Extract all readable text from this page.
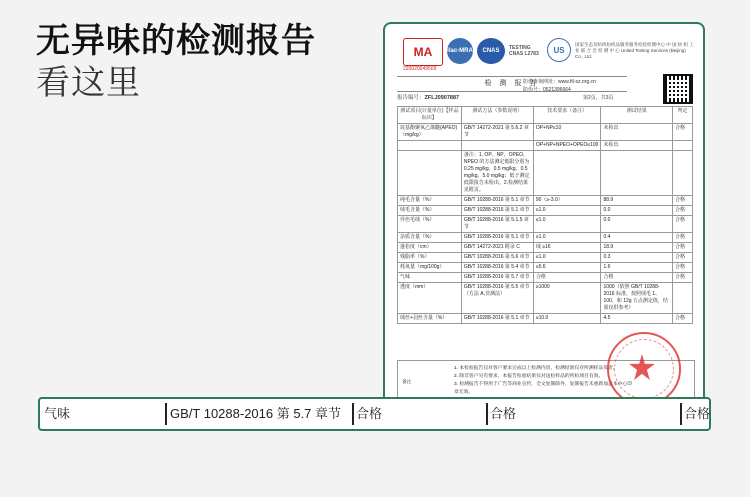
无异味的检测报告
看这里
MA
220020049509
ilac-MRA	CNAS	TESTING CNAS L2783	US
国家生态及纺织纺织品服务服务检验检测中心 中 国 纺 织 工 业 联 合 会 检 测 中 心 United Testing Services (Beijing) Co., Ltd.
检 测 报 告
报告编号：ZFLJ0907887
防伪查询网址：www.ftl-sz.org.cn
防伪号：0521396664
第2页，共3页
测试项目(计量单位)【样品标识】	测试方法（参数说明）	技术要求（备注）	测试结果	判定
烷基酚聚氧乙烯醚(APEO)（mg/kg）	GB/T 14272-2021 第 5.6.2 章节	OP+NP≤10	未检出	合格
		OP+NP+NPEO+OPEO≤100	未检出	
	备注：1. OP、NP、OPEO、NPEO 的方法测定低限分别为 0.25 mg/kg、0.5 mg/kg、0.5 mg/kg、5.0 mg/kg；低于测定低限报告未检出。2.检测结果见附页。			
纯毛含量（%）	GB/T 10288-2016 第 5.1 章节	90（≥-3.0）	88.9	合格
绒毛含量（%）	GB/T 10288-2016 第 5.1 章节	≤1.0	0.0	合格
异色毛绒（%）	GB/T 10288-2016 第 5.1.5 章节	≤1.0	0.0	合格
杂质含量（%）	GB/T 10288-2016 第 5.1 章节	≤1.0	0.4	合格
蓬松度（cm）	GB/T 14272-2021 附录 C	绒 ≥16	18.9	合格
残脂率（%）	GB/T 10288-2016 第 5.6 章节	≤1.0	0.3	合格
耗氧量（mg/100g）	GB/T 10288-2016 第 5.4 章节	≤5.6	1.6	合格
气味	GB/T 10288-2016 第 5.7 章节	合格	合格	合格
透度（mm）	GB/T 10288-2016 第 5.5 章节（方法 A,非测法）	≥1000	1000（依照 GB/T 10288-2016 标准，按照绒毛 1、100、和 12g 五点测定值，结果仅供参考）	
绒丝+羽丝含量（%）	GB/T 10288-2016 第 5.1 章节	≤10.0	4.5	合格
备注
1. 本检验报告仅对客户要求完成以上检测内容，检测结果仅对所测样品负责。
2. 除非客户另有要求，本报告检验结果仅对送检样品的所检项目有效。
3. 检测报告不得用于广告等商业宣传，全文复制除外，复制报告未重新加盖本中心印章无效。
气味	GB/T 10288-2016 第 5.7 章节	合格	合格	合格
